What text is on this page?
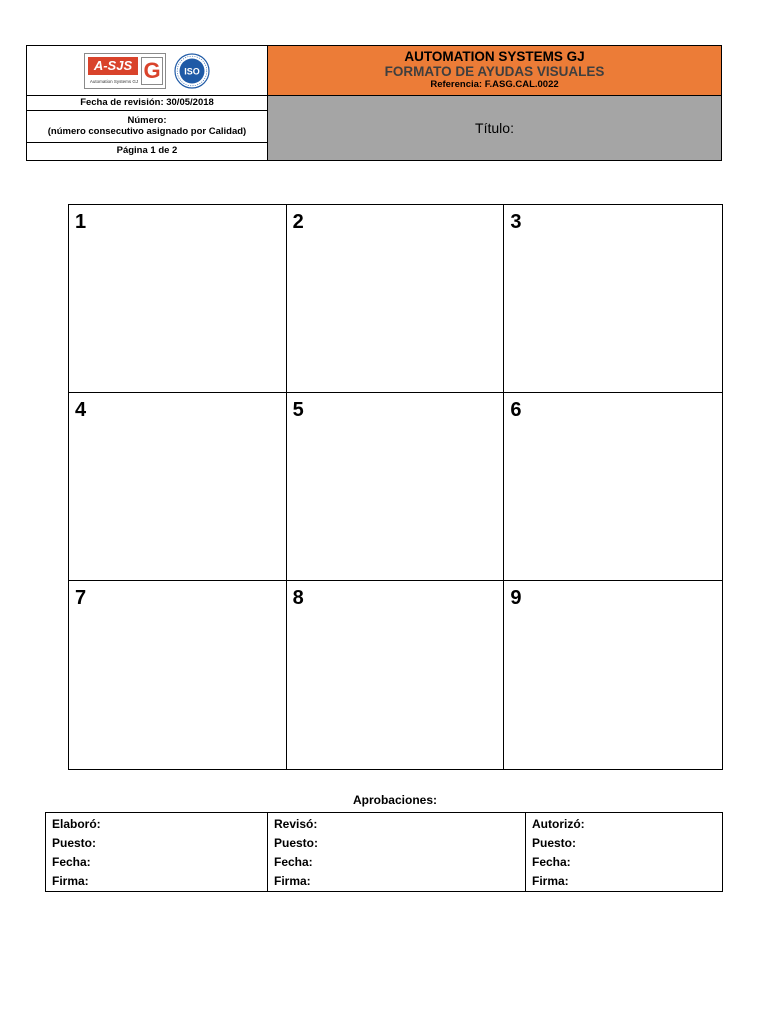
A-SJS G
Automation Systems GJ
ISO
Fecha de revisión: 30/05/2018
Número:
(número consecutivo asignado por Calidad)
Página 1 de 2
AUTOMATION SYSTEMS GJ
FORMATO DE AYUDAS VISUALES
Referencia: F.ASG.CAL.0022
Título :
1	2	3
4	5	6
7	8	9
Aprobaciones:
Elaboró:
Puesto:
Fecha:
Firma:
Revisó:
Puesto:
Fecha:
Firma:
Autorizó:
Puesto:
Fecha:
Firma:
